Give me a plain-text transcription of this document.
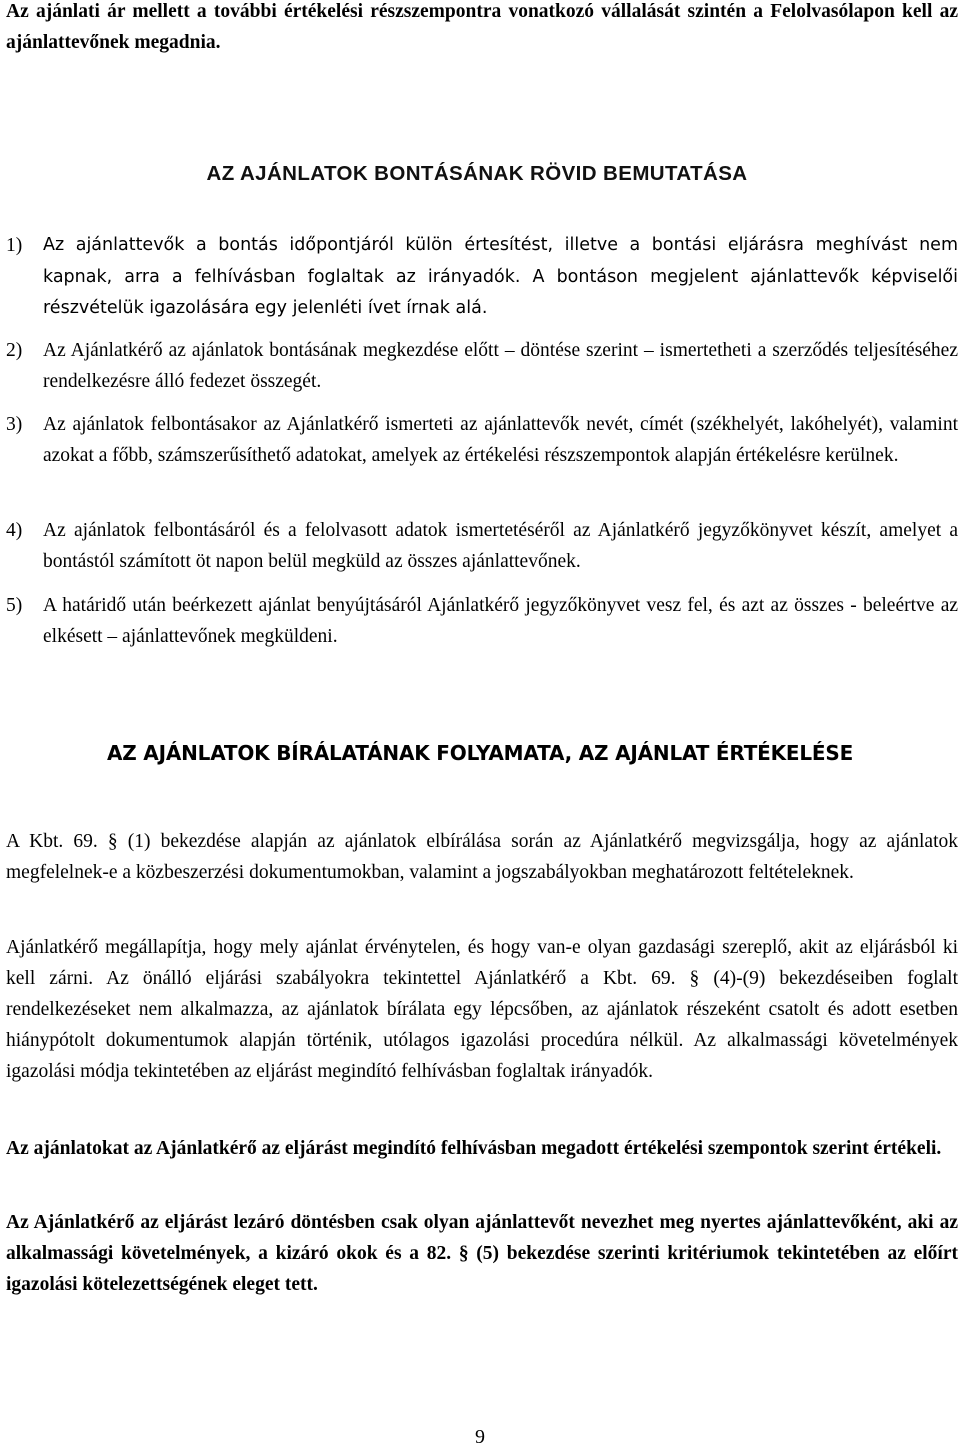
Az ajánlati ár mellett a további értékelési részszempontra vonatkozó vállalását szintén a Felolvasólapon kell az ajánlattevőnek megadnia.

AZ AJÁNLATOK BONTÁSÁNAK RÖVID BEMUTATÁSA
1) Az ajánlattevők a bontás időpontjáról külön értesítést, illetve a bontási eljárásra meghívást nem kapnak, arra a felhívásban foglaltak az irányadók. A bontáson megjelent ajánlattevők képviselői részvételük igazolására egy jelenléti ívet írnak alá.
2) Az Ajánlatkérő az ajánlatok bontásának megkezdése előtt – döntése szerint – ismertetheti a szerződés teljesítéséhez rendelkezésre álló fedezet összegét.
3) Az ajánlatok felbontásakor az Ajánlatkérő ismerteti az ajánlattevők nevét, címét (székhelyét, lakóhelyét), valamint azokat a főbb, számszerűsíthető adatokat, amelyek az értékelési részszempontok alapján értékelésre kerülnek.
4) Az ajánlatok felbontásáról és a felolvasott adatok ismertetéséről az Ajánlatkérő jegyzőkönyvet készít, amelyet a bontástól számított öt napon belül megküld az összes ajánlattevőnek.
5) A határidő után beérkezett ajánlat benyújtásáról Ajánlatkérő jegyzőkönyvet vesz fel, és azt az összes - beleértve az elkésett – ajánlattevőnek megküldeni.
AZ AJÁNLATOK BÍRÁLATÁNAK FOLYAMATA, AZ AJÁNLAT ÉRTÉKELÉSE

A Kbt. 69. § (1) bekezdése alapján az ajánlatok elbírálása során az Ajánlatkérő megvizsgálja, hogy az ajánlatok megfelelnek-e a közbeszerzési dokumentumokban, valamint a jogszabályokban meghatározott feltételeknek.

Ajánlatkérő megállapítja, hogy mely ajánlat érvénytelen, és hogy van-e olyan gazdasági szereplő, akit az eljárásból ki kell zárni. Az önálló eljárási szabályokra tekintettel Ajánlatkérő a Kbt. 69. § (4)-(9) bekezdéseiben foglalt rendelkezéseket nem alkalmazza, az ajánlatok bírálata egy lépcsőben, az ajánlatok részeként csatolt és adott esetben hiánypótolt dokumentumok alapján történik, utólagos igazolási procedúra nélkül. Az alkalmassági követelmények igazolási módja tekintetében az eljárást megindító felhívásban foglaltak irányadók.

Az ajánlatokat az Ajánlatkérő az eljárást megindító felhívásban megadott értékelési szempontok szerint értékeli.

Az Ajánlatkérő az eljárást lezáró döntésben csak olyan ajánlattevőt nevezhet meg nyertes ajánlattevőként, aki az alkalmassági követelmények, a kizáró okok és a 82. § (5) bekezdése szerinti kritériumok tekintetében az előírt igazolási kötelezettségének eleget tett.

9
